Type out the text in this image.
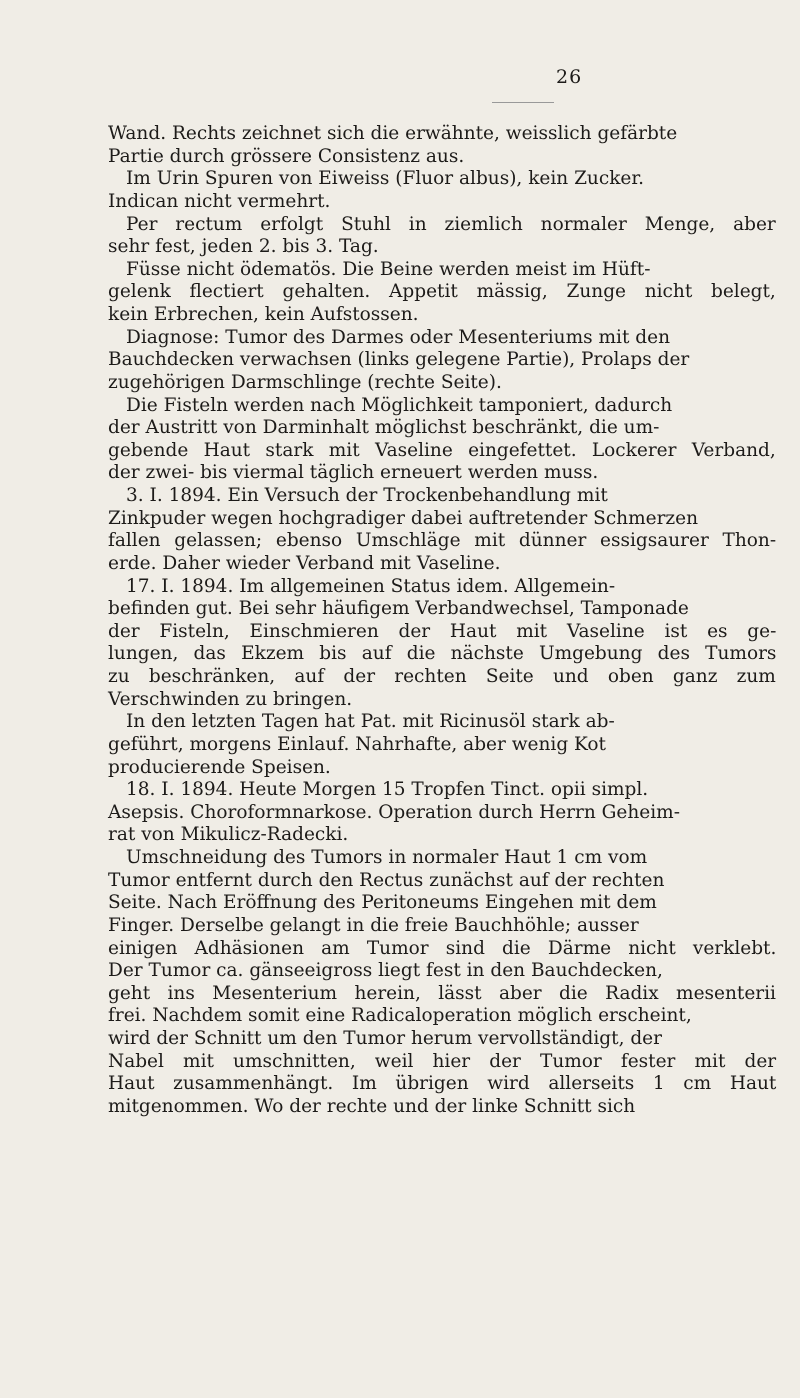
26
Wand. Rechts zeichnet sich die erwähnte, weisslich gefärbte
Partie durch grössere Consistenz aus.
Im Urin Spuren von Eiweiss (Fluor albus), kein Zucker.
Indican nicht vermehrt.
Per rectum erfolgt Stuhl in ziemlich normaler Menge, aber
sehr fest, jeden 2. bis 3. Tag.
Füsse nicht ödematös. Die Beine werden meist im Hüft-
gelenk flectiert gehalten. Appetit mässig, Zunge nicht belegt,
kein Erbrechen, kein Aufstossen.
Diagnose: Tumor des Darmes oder Mesenteriums mit den
Bauchdecken verwachsen (links gelegene Partie), Prolaps der
zugehörigen Darmschlinge (rechte Seite).
Die Fisteln werden nach Möglichkeit tamponiert, dadurch
der Austritt von Darminhalt möglichst beschränkt, die um-
gebende Haut stark mit Vaseline eingefettet. Lockerer Verband,
der zwei- bis viermal täglich erneuert werden muss.
3. I. 1894. Ein Versuch der Trockenbehandlung mit
Zinkpuder wegen hochgradiger dabei auftretender Schmerzen
fallen gelassen; ebenso Umschläge mit dünner essigsaurer Thon-
erde. Daher wieder Verband mit Vaseline.
17. I. 1894. Im allgemeinen Status idem. Allgemein-
befinden gut. Bei sehr häufigem Verbandwechsel, Tamponade
der Fisteln, Einschmieren der Haut mit Vaseline ist es ge-
lungen, das Ekzem bis auf die nächste Umgebung des Tumors
zu beschränken, auf der rechten Seite und oben ganz zum
Verschwinden zu bringen.
In den letzten Tagen hat Pat. mit Ricinusöl stark ab-
geführt, morgens Einlauf. Nahrhafte, aber wenig Kot
producierende Speisen.
18. I. 1894. Heute Morgen 15 Tropfen Tinct. opii simpl.
Asepsis. Choroformnarkose. Operation durch Herrn Geheim-
rat von Mikulicz-Radecki.
Umschneidung des Tumors in normaler Haut 1 cm vom
Tumor entfernt durch den Rectus zunächst auf der rechten
Seite. Nach Eröffnung des Peritoneums Eingehen mit dem
Finger. Derselbe gelangt in die freie Bauchhöhle; ausser
einigen Adhäsionen am Tumor sind die Därme nicht verklebt.
Der Tumor ca. gänseeigross liegt fest in den Bauchdecken,
geht ins Mesenterium herein, lässt aber die Radix mesenterii
frei. Nachdem somit eine Radicaloperation möglich erscheint,
wird der Schnitt um den Tumor herum vervollständigt, der
Nabel mit umschnitten, weil hier der Tumor fester mit der
Haut zusammenhängt. Im übrigen wird allerseits 1 cm Haut
mitgenommen. Wo der rechte und der linke Schnitt sich
